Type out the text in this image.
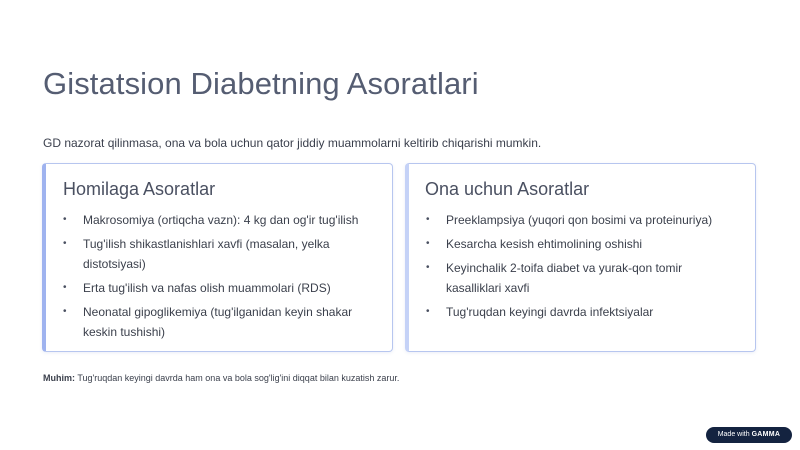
Gistatsion Diabetning Asoratlari

GD nazorat qilinmasa, ona va bola uchun qator jiddiy muammolarni keltirib chiqarishi mumkin.

Homilaga Asoratlar
• Makrosomiya (ortiqcha vazn): 4 kg dan og'ir tug'ilish
• Tug'ilish shikastlanishlari xavfi (masalan, yelka distotsiyasi)
• Erta tug'ilish va nafas olish muammolari (RDS)
• Neonatal gipoglikemiya (tug'ilganidan keyin shakar keskin tushishi)
Ona uchun Asoratlar
• Preeklampsiya (yuqori qon bosimi va proteinuriya)
• Kesarcha kesish ehtimolining oshishi
• Keyinchalik 2-toifa diabet va yurak-qon tomir kasalliklari xavfi
• Tug'ruqdan keyingi davrda infektsiyalar

Muhim: Tug'ruqdan keyingi davrda ham ona va bola sog'lig'ini diqqat bilan kuzatish zarur.

Made with GAMMA
